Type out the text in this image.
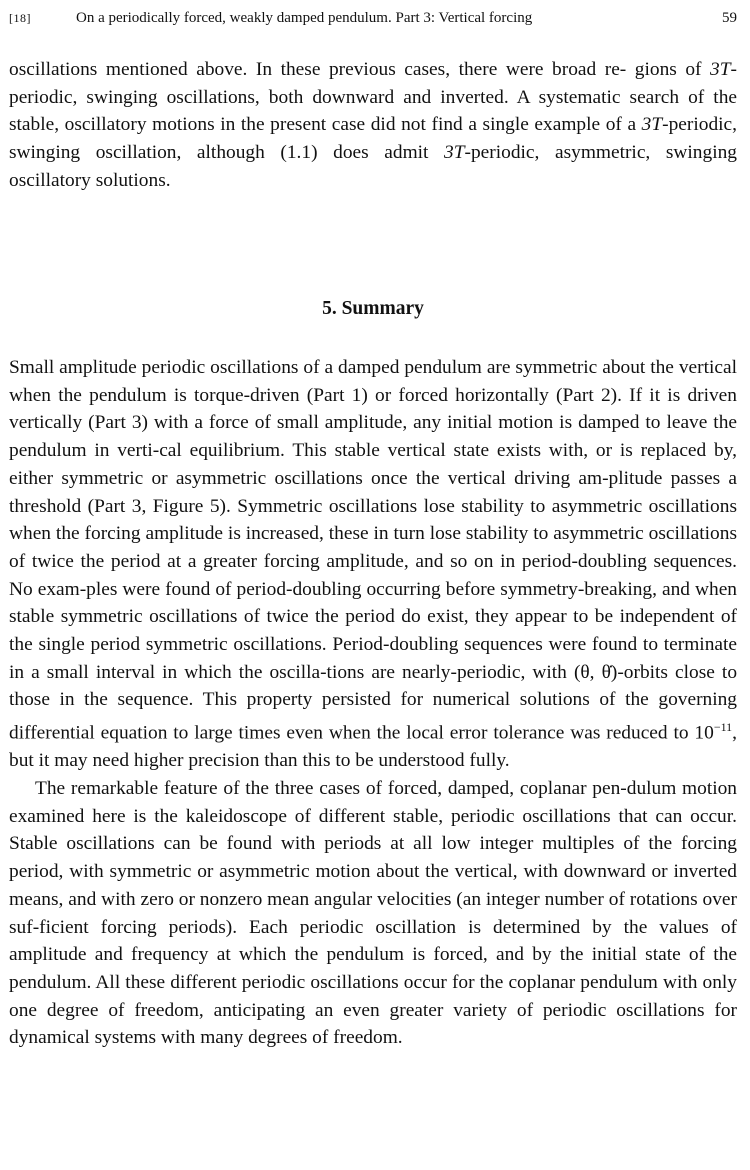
[18]	On a periodically forced, weakly damped pendulum. Part 3: Vertical forcing	59

oscillations mentioned above. In these previous cases, there were broad re- gions of 3T-periodic, swinging oscillations, both downward and inverted. A systematic search of the stable, oscillatory motions in the present case did not find a single example of a 3T-periodic, swinging oscillation, although (1.1) does admit 3T-periodic, asymmetric, swinging oscillatory solutions.

5. Summary

Small amplitude periodic oscillations of a damped pendulum are symmetric about the vertical when the pendulum is torque-driven (Part 1) or forced horizontally (Part 2). If it is driven vertically (Part 3) with a force of small amplitude, any initial motion is damped to leave the pendulum in verti-cal equilibrium. This stable vertical state exists with, or is replaced by, either symmetric or asymmetric oscillations once the vertical driving am-plitude passes a threshold (Part 3, Figure 5). Symmetric oscillations lose stability to asymmetric oscillations when the forcing amplitude is increased, these in turn lose stability to asymmetric oscillations of twice the period at a greater forcing amplitude, and so on in period-doubling sequences. No exam-ples were found of period-doubling occurring before symmetry-breaking, and when stable symmetric oscillations of twice the period do exist, they appear to be independent of the single period symmetric oscillations. Period-doubling sequences were found to terminate in a small interval in which the oscilla-tions are nearly-periodic, with (θ, θ̇)-orbits close to those in the sequence. This property persisted for numerical solutions of the governing differential equation to large times even when the local error tolerance was reduced to $10^{-11}$, but it may need higher precision than this to be understood fully.

The remarkable feature of the three cases of forced, damped, coplanar pen-dulum motion examined here is the kaleidoscope of different stable, periodic oscillations that can occur. Stable oscillations can be found with periods at all low integer multiples of the forcing period, with symmetric or asymmetric motion about the vertical, with downward or inverted means, and with zero or nonzero mean angular velocities (an integer number of rotations over suf-ficient forcing periods). Each periodic oscillation is determined by the values of amplitude and frequency at which the pendulum is forced, and by the initial state of the pendulum. All these different periodic oscillations occur for the coplanar pendulum with only one degree of freedom, anticipating an even greater variety of periodic oscillations for dynamical systems with many degrees of freedom.
